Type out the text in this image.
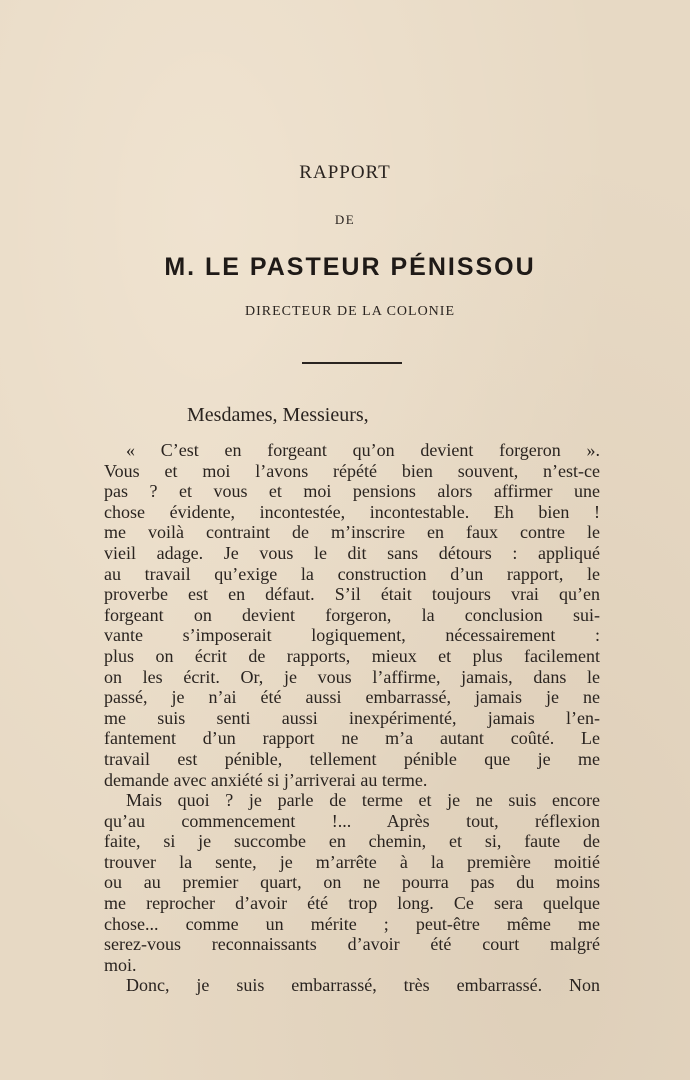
RAPPORT
DE
M. LE PASTEUR PÉNISSOU
DIRECTEUR DE LA COLONIE
Mesdames, Messieurs,
« C’est en forgeant qu’on devient forgeron ».
Vous et moi l’avons répété bien souvent, n’est-ce
pas ? et vous et moi pensions alors affirmer une
chose évidente, incontestée, incontestable. Eh bien !
me voilà contraint de m’inscrire en faux contre le
vieil adage. Je vous le dit sans détours : appliqué
au travail qu’exige la construction d’un rapport, le
proverbe est en défaut. S’il était toujours vrai qu’en
forgeant on devient forgeron, la conclusion sui-
vante s’imposerait logiquement, nécessairement :
plus on écrit de rapports, mieux et plus facilement
on les écrit. Or, je vous l’affirme, jamais, dans le
passé, je n’ai été aussi embarrassé, jamais je ne
me suis senti aussi inexpérimenté, jamais l’en-
fantement d’un rapport ne m’a autant coûté. Le
travail est pénible, tellement pénible que je me
demande avec anxiété si j’arriverai au terme.
Mais quoi ? je parle de terme et je ne suis encore
qu’au commencement !... Après tout, réflexion
faite, si je succombe en chemin, et si, faute de
trouver la sente, je m’arrête à la première moitié
ou au premier quart, on ne pourra pas du moins
me reprocher d’avoir été trop long. Ce sera quelque
chose... comme un mérite ; peut-être même me
serez-vous reconnaissants d’avoir été court malgré
moi.
Donc, je suis embarrassé, très embarrassé. Non
